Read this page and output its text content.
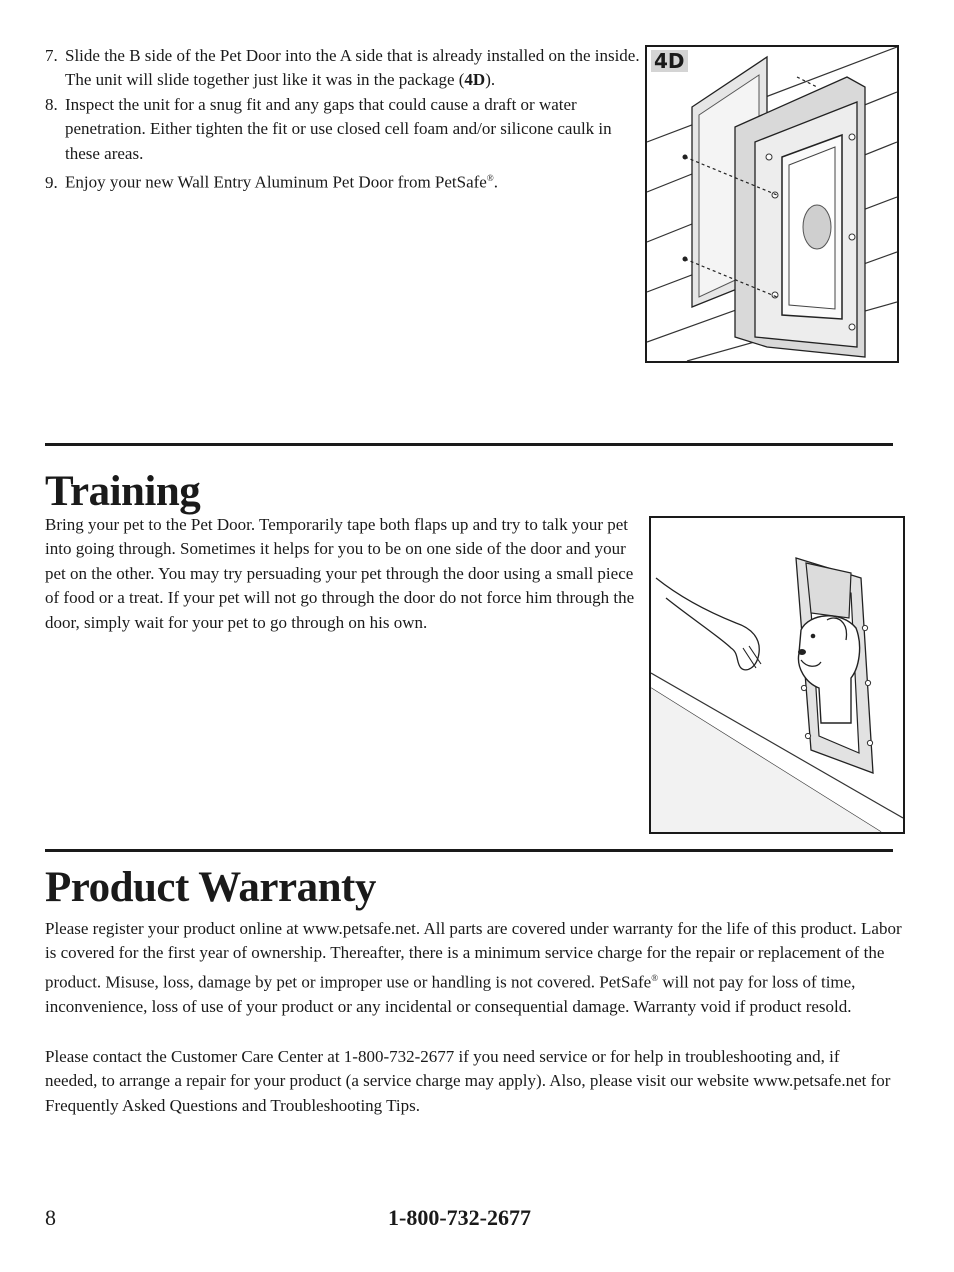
7. Slide the B side of the Pet Door into the A side that is already installed on the inside. The unit will slide together just like it was in the package (4D).
8. Inspect the unit for a snug fit and any gaps that could cause a draft or water penetration. Either tighten the fit or use closed cell foam and/or silicone caulk in these areas.
9. Enjoy your new Wall Entry Aluminum Pet Door from PetSafe®.
4D
Training

Bring your pet to the Pet Door. Temporarily tape both flaps up and try to talk your pet into going through. Sometimes it helps for you to be on one side of the door and your pet on the other. You may try persuading your pet through the door using a small piece of food or a treat. If your pet will not go through the door do not force him through the door, simply wait for your pet to go through on his own.

Product Warranty

Please register your product online at www.petsafe.net. All parts are covered under warranty for the life of this product. Labor is covered for the first year of ownership. Thereafter, there is a minimum service charge for the repair or replacement of the product. Misuse, loss, damage by pet or improper use or handling is not covered. PetSafe® will not pay for loss of time, inconvenience, loss of use of your product or any incidental or consequential damage. Warranty void if product resold.

Please contact the Customer Care Center at 1-800-732-2677 if you need service or for help in troubleshooting and, if needed, to arrange a repair for your product (a service charge may apply). Also, please visit our website www.petsafe.net for Frequently Asked Questions and Troubleshooting Tips.

8	1-800-732-2677
